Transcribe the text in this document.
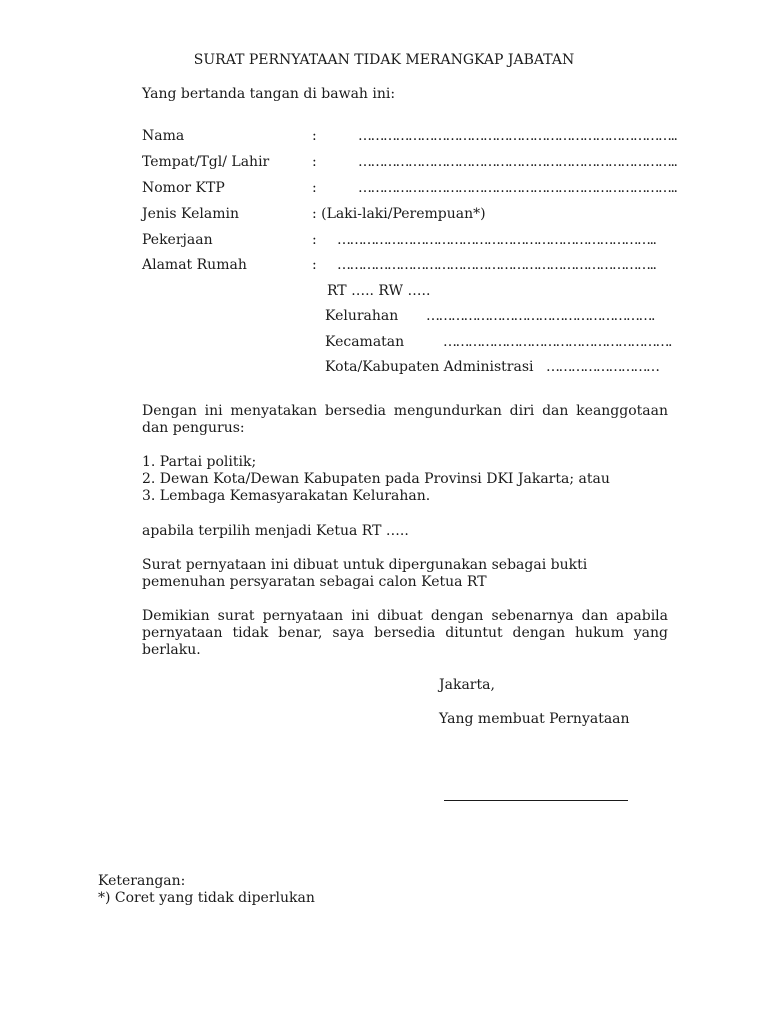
SURAT PERNYATAAN TIDAK MERANGKAP JABATAN
Yang bertanda tangan di bawah ini:
Nama	:	…………………………………………………………………..
Tempat/Tgl/ Lahir	:	…………………………………………………………………..
Nomor KTP	:	…………………………………………………………………..
Jenis Kelamin	: (Laki-laki/Perempuan*)
Pekerjaan	: …………………………………………………………………..
Alamat Rumah	: …………………………………………………………………..
RT ….. RW …..
Kelurahan ……………………………………………….
Kecamatan	……………………………………………….
Kota/Kabupaten Administrasi ………………………
Dengan ini menyatakan bersedia mengundurkan diri dan keanggotaan dan pengurus:
1. Partai politik;
2. Dewan Kota/Dewan Kabupaten pada Provinsi DKI Jakarta; atau
3. Lembaga Kemasyarakatan Kelurahan.
apabila terpilih menjadi Ketua RT …..
Surat pernyataan ini dibuat untuk dipergunakan sebagai bukti pemenuhan persyaratan sebagai calon Ketua RT
Demikian surat pernyataan ini dibuat dengan sebenarnya dan apabila pernyataan tidak benar, saya bersedia dituntut dengan hukum yang berlaku.
Jakarta,
Yang membuat Pernyataan
Keterangan:
*) Coret yang tidak diperlukan
